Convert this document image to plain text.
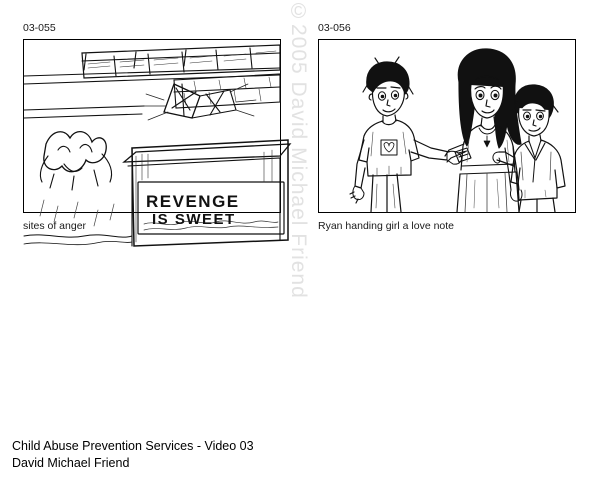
©2005 David Michael Friend
03-055
REVENGE
IS SWEET
sites of anger
03-056
Ryan handing girl a love note
Child Abuse Prevention Services - Video 03
David Michael Friend
